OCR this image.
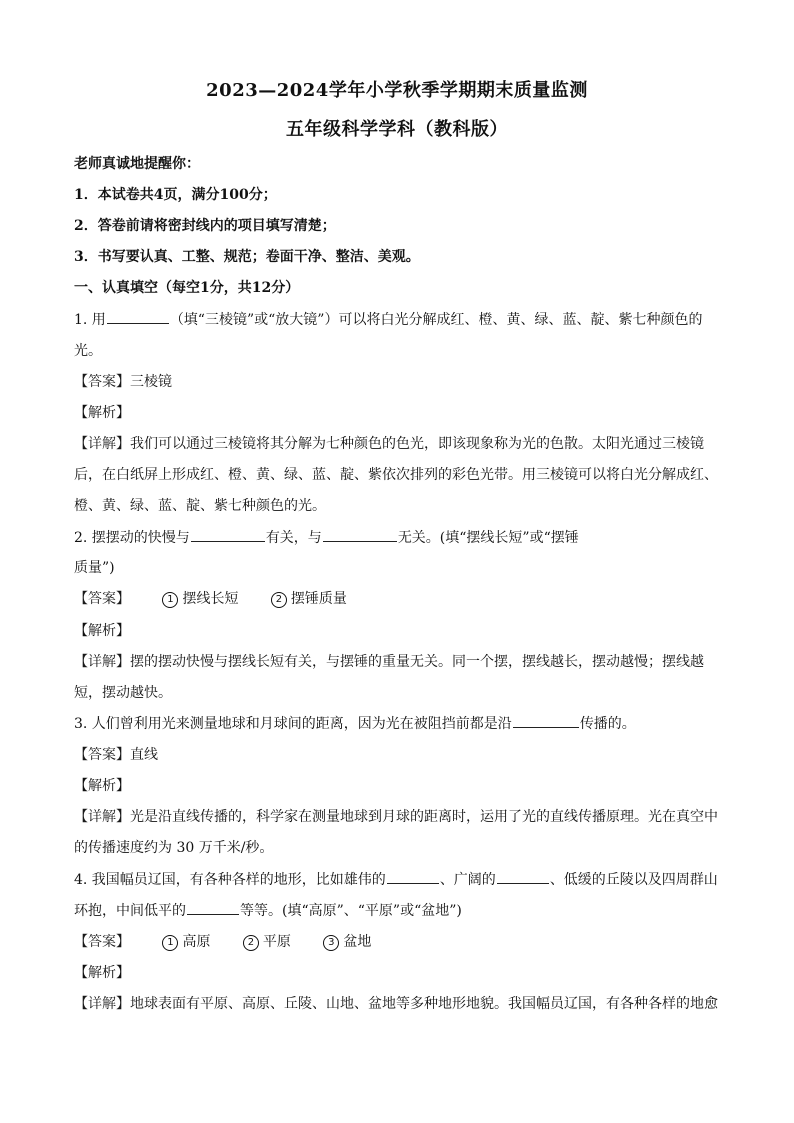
2023—2024学年小学秋季学期期末质量监测
五年级科学学科（教科版）
老师真诚地提醒你：
1．本试卷共4页，满分100分；
2．答卷前请将密封线内的项目填写清楚；
3．书写要认真、工整、规范；卷面干净、整洁、美观。
一、认真填空（每空1分，共12分）
1. 用	（填“三棱镜”或“放大镜”）可以将白光分解成红、橙、黄、绿、蓝、靛、紫七种颜色的
光。
【答案】三棱镜
【解析】
【详解】我们可以通过三棱镜将其分解为七种颜色的色光，即该现象称为光的色散。太阳光通过三棱镜
后，在白纸屏上形成红、橙、黄、绿、蓝、靛、紫依次排列的彩色光带。用三棱镜可以将白光分解成红、
橙、黄、绿、蓝、靛、紫七种颜色的光。
2. 摆摆动的快慢与	有关，与	无关。(填“摆线长短”或“摆锤
质量”)
【答案】	1 摆线长短	2 摆锤质量
【解析】
【详解】摆的摆动快慢与摆线长短有关，与摆锤的重量无关。同一个摆，摆线越长，摆动越慢；摆线越
短，摆动越快。
3. 人们曾利用光来测量地球和月球间的距离，因为光在被阻挡前都是沿	传播的。
【答案】直线
【解析】
【详解】光是沿直线传播的，科学家在测量地球到月球的距离时，运用了光的直线传播原理。光在真空中
的传播速度约为 30 万千米/秒。
4. 我国幅员辽国，有各种各样的地形，比如雄伟的	、广阔的	、低缓的丘陵以及四周群山
环抱，中间低平的	等等。(填“高原”、“平原”或“盆地”)
【答案】	1 高原	2 平原	3 盆地
【解析】
【详解】地球表面有平原、高原、丘陵、山地、盆地等多种地形地貌。我国幅员辽国，有各种各样的地愈
